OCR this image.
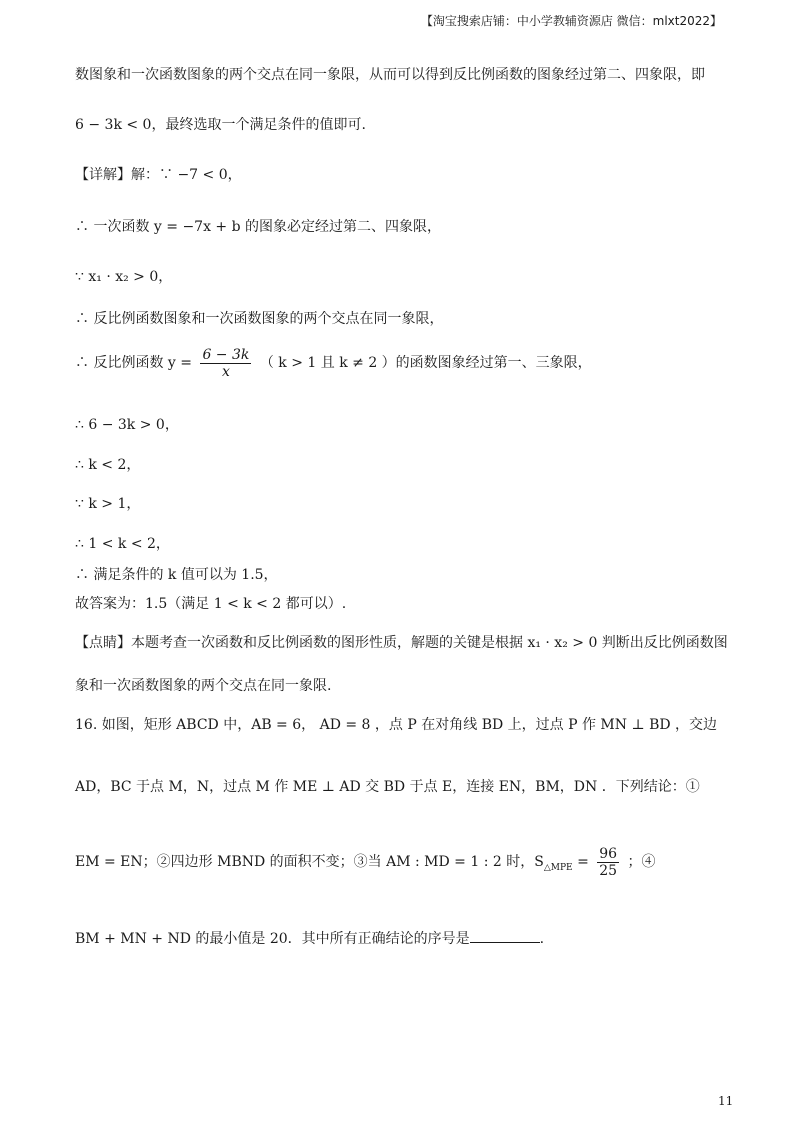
【淘宝搜索店铺：中小学教辅资源店 微信：mlxt2022】
数图象和一次函数图象的两个交点在同一象限，从而可以得到反比例函数的图象经过第二、四象限，即
6 − 3k < 0，最终选取一个满足条件的值即可.
【详解】解：∵ −7 < 0，
∴ 一次函数 y = −7x + b 的图象必定经过第二、四象限，
∵ x₁ · x₂ > 0，
∴ 反比例函数图象和一次函数图象的两个交点在同一象限，
∴ 反比例函数 $y = \frac{6 - 3k}{x}$ （ k > 1 且 k ≠ 2 ）的函数图象经过第一、三象限，
∴ 6 − 3k > 0，
∴ k < 2，
∵ k > 1，
∴ 1 < k < 2，
∴ 满足条件的 k 值可以为 1.5，
故答案为：1.5（满足 1 < k < 2 都可以）.
【点睛】本题考查一次函数和反比例函数的图形性质，解题的关键是根据 x₁ · x₂ > 0 判断出反比例函数图
象和一次函数图象的两个交点在同一象限.
16. 如图，矩形 ABCD 中，AB = 6， AD = 8 ，点 P 在对角线 BD 上，过点 P 作 MN ⊥ BD ，交边
AD，BC 于点 M，N，过点 M 作 ME ⊥ AD 交 BD 于点 E，连接 EN，BM，DN ．下列结论：①
EM = EN；②四边形 MBND 的面积不变；③当 AM : MD = 1 : 2 时，$S_{\triangle MPE} = \frac{96}{25}$ ；④
BM + MN + ND 的最小值是 20．其中所有正确结论的序号是	.
11
